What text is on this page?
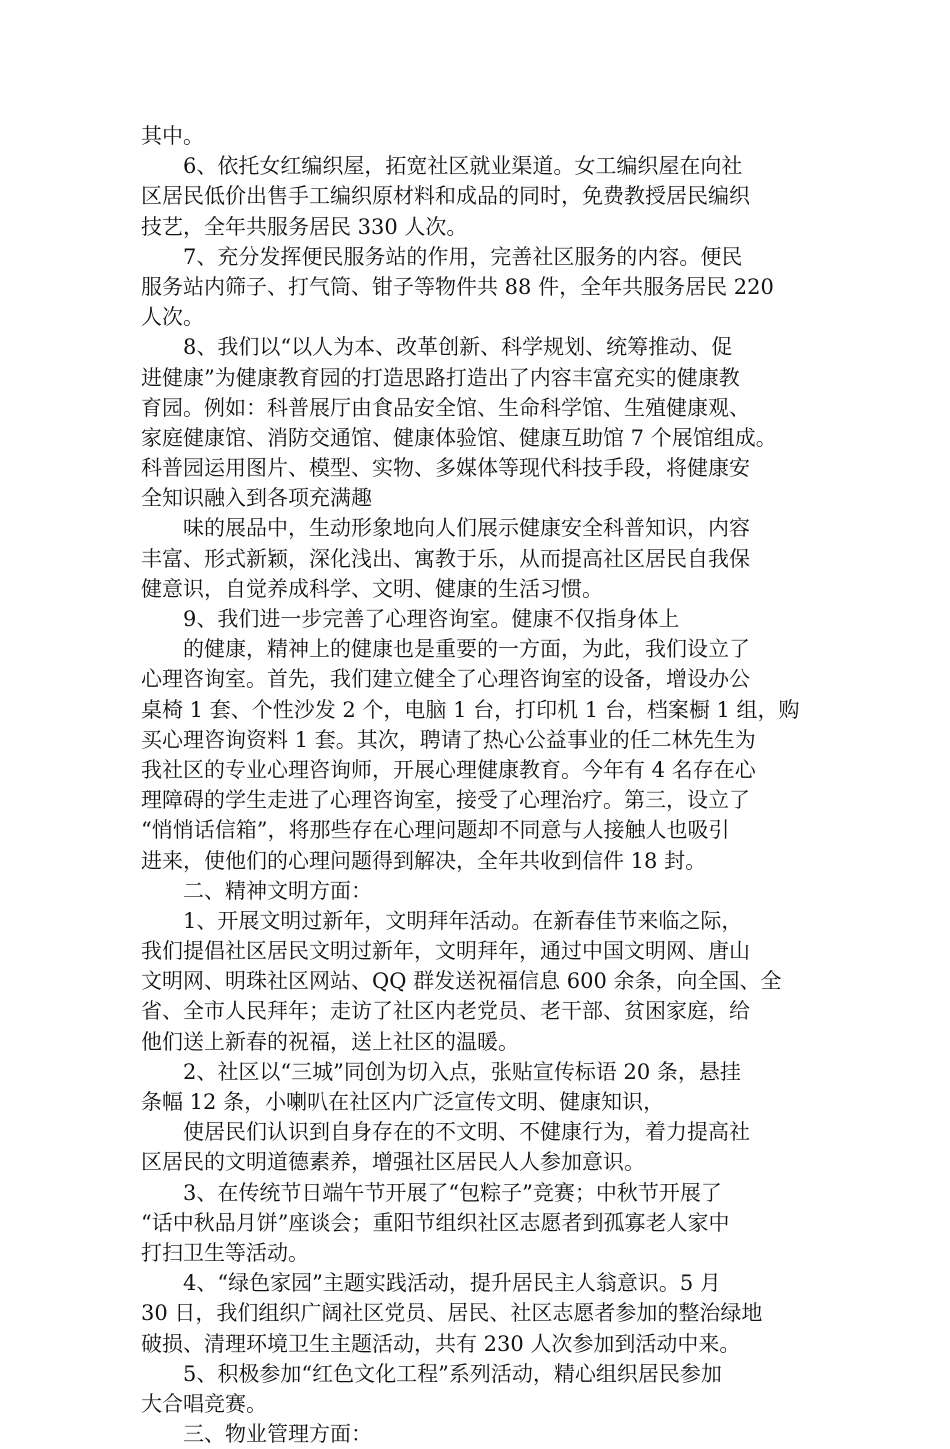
其中。
6、依托女红编织屋，拓宽社区就业渠道。女工编织屋在向社
区居民低价出售手工编织原材料和成品的同时，免费教授居民编织
技艺，全年共服务居民 330 人次。
7、充分发挥便民服务站的作用，完善社区服务的内容。便民
服务站内筛子、打气筒、钳子等物件共 88 件，全年共服务居民 220
人次。
8、我们以“以人为本、改革创新、科学规划、统筹推动、促
进健康”为健康教育园的打造思路打造出了内容丰富充实的健康教
育园。例如：科普展厅由食品安全馆、生命科学馆、生殖健康观、
家庭健康馆、消防交通馆、健康体验馆、健康互助馆 7 个展馆组成。
科普园运用图片、模型、实物、多媒体等现代科技手段，将健康安
全知识融入到各项充满趣
味的展品中，生动形象地向人们展示健康安全科普知识，内容
丰富、形式新颖，深化浅出、寓教于乐，从而提高社区居民自我保
健意识，自觉养成科学、文明、健康的生活习惯。
9、我们进一步完善了心理咨询室。健康不仅指身体上
的健康，精神上的健康也是重要的一方面，为此，我们设立了
心理咨询室。首先，我们建立健全了心理咨询室的设备，增设办公
桌椅 1 套、个性沙发 2 个，电脑 1 台，打印机 1 台，档案橱 1 组，购
买心理咨询资料 1 套。其次，聘请了热心公益事业的任二林先生为
我社区的专业心理咨询师，开展心理健康教育。今年有 4 名存在心
理障碍的学生走进了心理咨询室，接受了心理治疗。第三，设立了
“悄悄话信箱”，将那些存在心理问题却不同意与人接触人也吸引
进来，使他们的心理问题得到解决，全年共收到信件 18 封。
二、精神文明方面：
1、开展文明过新年，文明拜年活动。在新春佳节来临之际，
我们提倡社区居民文明过新年，文明拜年，通过中国文明网、唐山
文明网、明珠社区网站、QQ 群发送祝福信息 600 余条，向全国、全
省、全市人民拜年；走访了社区内老党员、老干部、贫困家庭，给
他们送上新春的祝福，送上社区的温暖。
2、社区以“三城”同创为切入点，张贴宣传标语 20 条，悬挂
条幅 12 条，小喇叭在社区内广泛宣传文明、健康知识，
使居民们认识到自身存在的不文明、不健康行为，着力提高社
区居民的文明道德素养，增强社区居民人人参加意识。
3、在传统节日端午节开展了“包粽子”竞赛；中秋节开展了
“话中秋品月饼”座谈会；重阳节组织社区志愿者到孤寡老人家中
打扫卫生等活动。
4、“绿色家园”主题实践活动，提升居民主人翁意识。5 月
30 日，我们组织广阔社区党员、居民、社区志愿者参加的整治绿地
破损、清理环境卫生主题活动，共有 230 人次参加到活动中来。
5、积极参加“红色文化工程”系列活动，精心组织居民参加
大合唱竞赛。
三、物业管理方面：
